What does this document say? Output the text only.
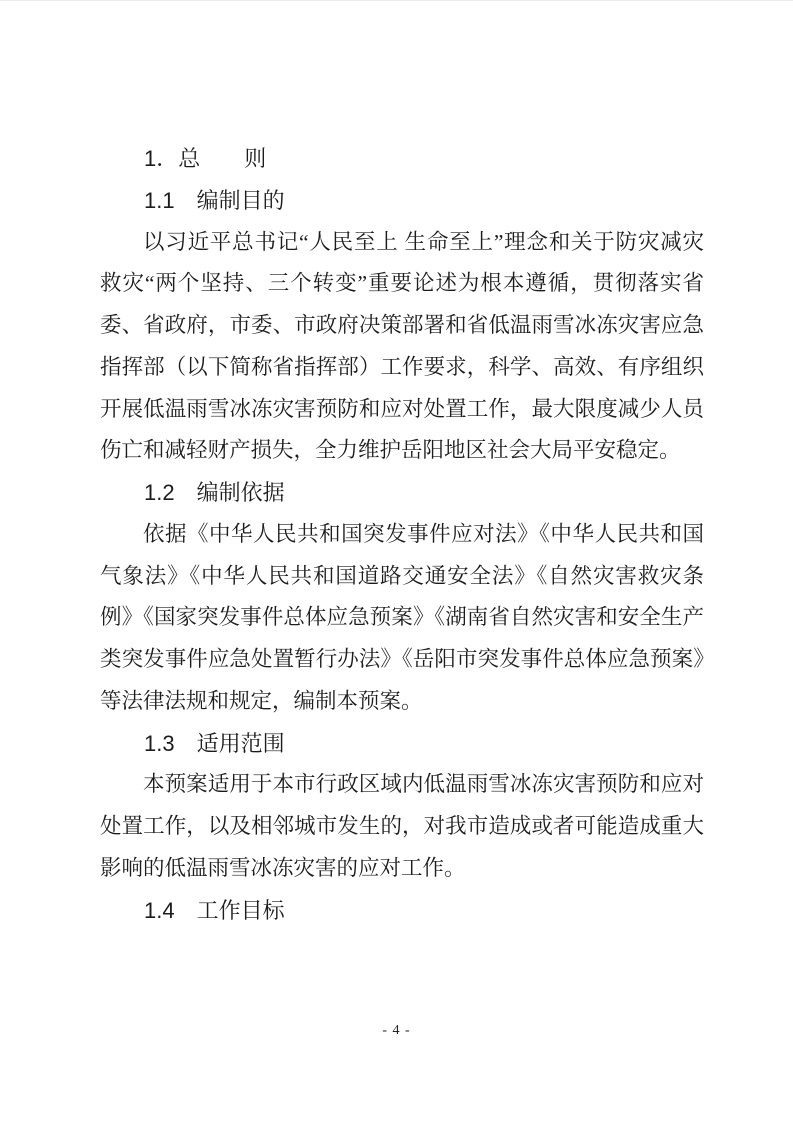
1．总　　则
1.1　编制目的

以习近平总书记“人民至上 生命至上”理念和关于防灾减灾救灾“两个坚持、三个转变”重要论述为根本遵循，贯彻落实省委、省政府，市委、市政府决策部署和省低温雨雪冰冻灾害应急指挥部（以下简称省指挥部）工作要求，科学、高效、有序组织开展低温雨雪冰冻灾害预防和应对处置工作，最大限度减少人员伤亡和减轻财产损失，全力维护岳阳地区社会大局平安稳定。

1.2　编制依据

依据《中华人民共和国突发事件应对法》《中华人民共和国气象法》《中华人民共和国道路交通安全法》《自然灾害救灾条例》《国家突发事件总体应急预案》《湖南省自然灾害和安全生产类突发事件应急处置暂行办法》《岳阳市突发事件总体应急预案》等法律法规和规定，编制本预案。

1.3　适用范围

本预案适用于本市行政区域内低温雨雪冰冻灾害预防和应对处置工作，以及相邻城市发生的，对我市造成或者可能造成重大影响的低温雨雪冰冻灾害的应对工作。

1.4　工作目标
- 4 -
